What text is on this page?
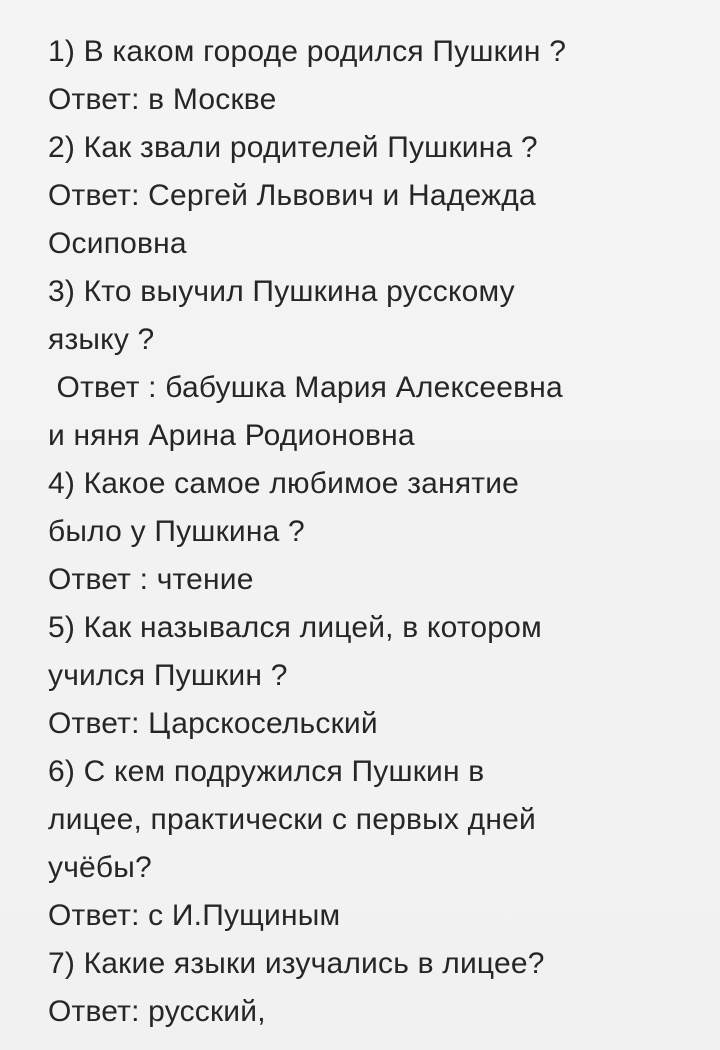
1) В каком городе родился Пушкин ?
Ответ: в Москве
2) Как звали родителей Пушкина ?
Ответ: Сергей Львович и Надежда
Осиповна
3) Кто выучил Пушкина русскому
языку ?
Ответ : бабушка Мария Алексеевна
и няня Арина Родионовна
4) Какое самое любимое занятие
было у Пушкина ?
Ответ : чтение
5) Как назывался лицей, в котором
учился Пушкин ?
Ответ: Царскосельский
6) С кем подружился Пушкин в
лицее, практически с первых дней
учёбы?
Ответ: с И.Пущиным
7) Какие языки изучались в лицее?
Ответ: русский,
